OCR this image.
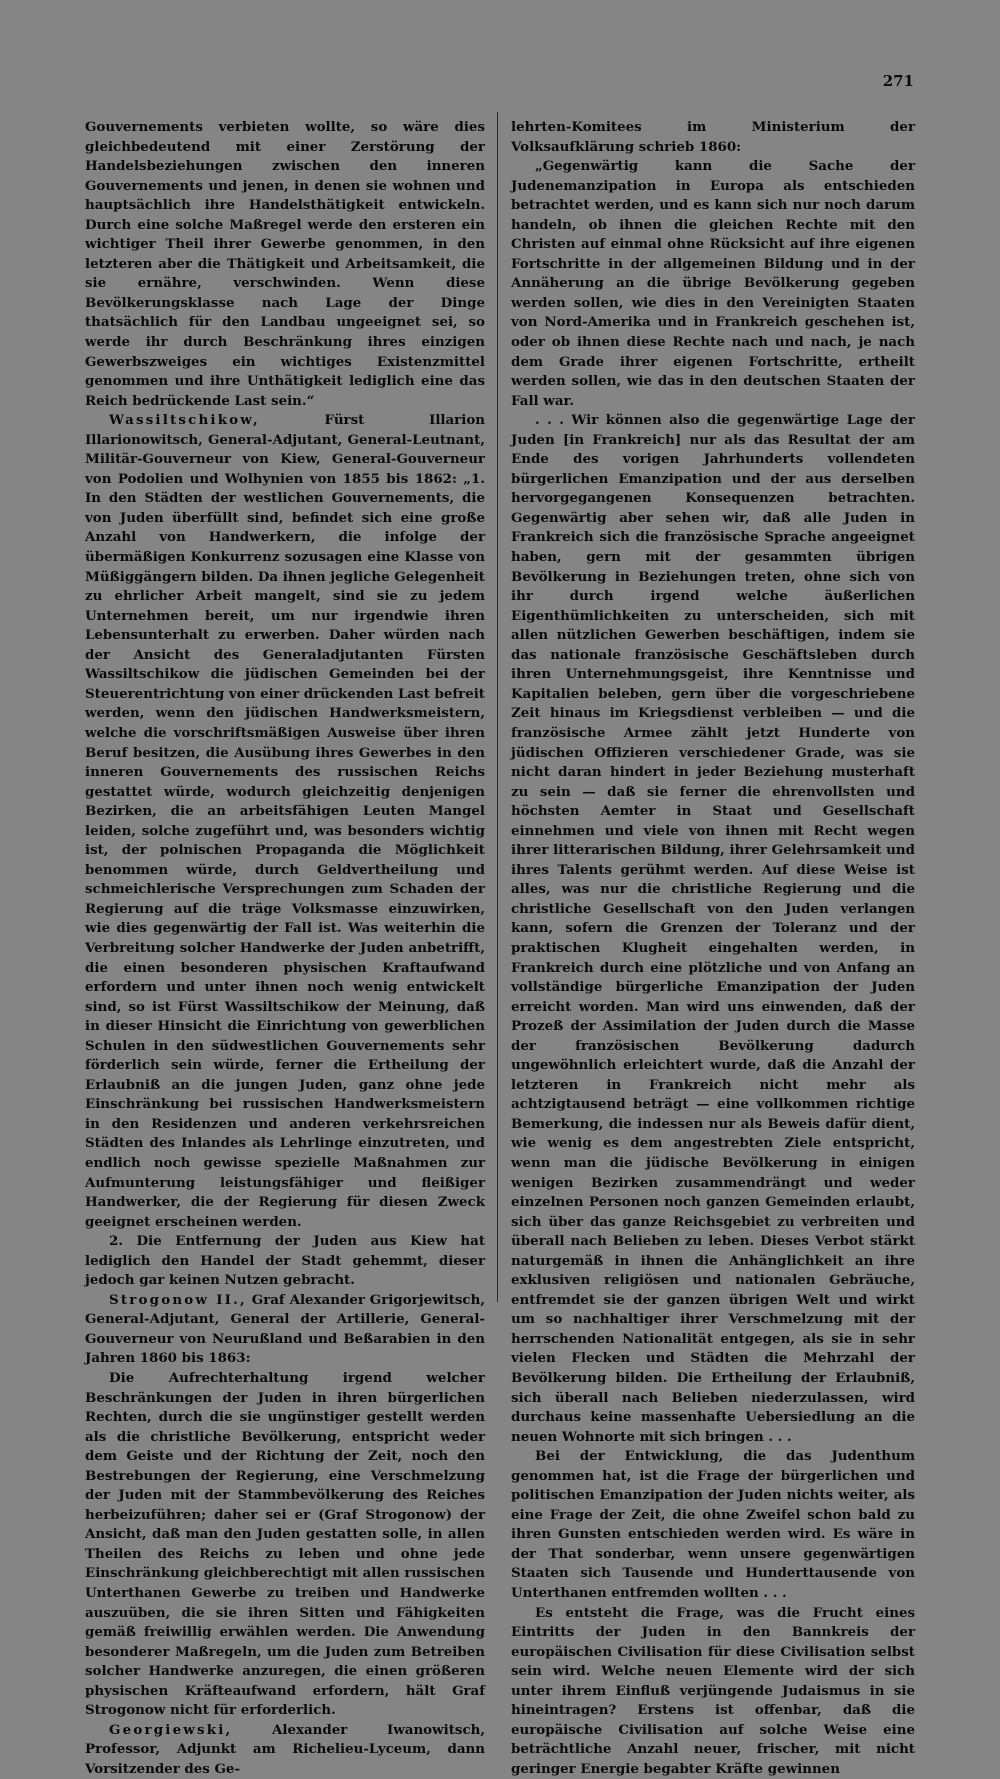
271

Gouvernements verbieten wollte, so wäre dies gleichbedeutend mit einer Zerstörung der Handelsbeziehungen zwischen den inneren Gouvernements und jenen, in denen sie wohnen und hauptsächlich ihre Handelsthätigkeit entwickeln. Durch eine solche Maßregel werde den ersteren ein wichtiger Theil ihrer Gewerbe genommen, in den letzteren aber die Thätigkeit und Arbeitsamkeit, die sie ernähre, verschwinden. Wenn diese Bevölkerungsklasse nach Lage der Dinge thatsächlich für den Landbau ungeeignet sei, so werde ihr durch Beschränkung ihres einzigen Gewerbszweiges ein wichtiges Existenzmittel genommen und ihre Unthätigkeit lediglich eine das Reich bedrückende Last sein.“

Wassiltschikow,	Fürst Illarion Illarionowitsch, General-Adjutant, General-Leutnant, Militär-Gouverneur von Kiew, General-Gouverneur von Podolien und Wolhynien von 1855 bis 1862: „1. In den Städten der westlichen Gouvernements, die von Juden überfüllt sind, befindet sich eine große Anzahl von Handwerkern, die infolge der übermäßigen Konkurrenz sozusagen eine Klasse von Müßiggängern bilden. Da ihnen jegliche Gelegenheit zu ehrlicher Arbeit mangelt, sind sie zu jedem Unternehmen bereit, um nur irgendwie ihren Lebensunterhalt zu erwerben. Daher würden nach der Ansicht des Generaladjutanten Fürsten Wassiltschikow die jüdischen Gemeinden bei der Steuerentrichtung von einer drückenden Last befreit werden, wenn den jüdischen Handwerksmeistern, welche die vorschriftsmäßigen Ausweise über ihren Beruf besitzen, die Ausübung ihres Gewerbes in den inneren Gouvernements des russischen Reichs gestattet würde, wodurch gleichzeitig denjenigen Bezirken, die an arbeitsfähigen Leuten Mangel leiden, solche zugeführt und, was besonders wichtig ist, der polnischen Propaganda die Möglichkeit benommen würde, durch Geldvertheilung und schmeichlerische Versprechungen zum Schaden der Regierung auf die träge Volksmasse einzuwirken, wie dies gegenwärtig der Fall ist. Was weiterhin die Verbreitung solcher Handwerke der Juden anbetrifft, die einen besonderen physischen Kraftaufwand erfordern und unter ihnen noch wenig entwickelt sind, so ist Fürst Wassiltschikow der Meinung, daß in dieser Hinsicht die Einrichtung von gewerblichen Schulen in den südwestlichen Gouvernements sehr förderlich sein würde, ferner die Ertheilung der Erlaubniß an die jungen Juden, ganz ohne jede Einschränkung bei russischen Handwerksmeistern in den Residenzen und anderen verkehrsreichen Städten des Inlandes als Lehrlinge einzutreten, und endlich noch gewisse spezielle Maßnahmen zur Aufmunterung leistungsfähiger und fleißiger Handwerker, die der Regierung für diesen Zweck geeignet erscheinen werden.

2. Die Entfernung der Juden aus Kiew hat lediglich den Handel der Stadt gehemmt, dieser jedoch gar keinen Nutzen gebracht.

Strogonow II., Graf Alexander Grigorjewitsch, General-Adjutant, General der Artillerie, General-Gouverneur von Neurußland und Beßarabien in den Jahren 1860 bis 1863:

Die Aufrechterhaltung irgend welcher Beschränkungen der Juden in ihren bürgerlichen Rechten, durch die sie ungünstiger gestellt werden als die christliche Bevölkerung, entspricht weder dem Geiste und der Richtung der Zeit, noch den Bestrebungen der Regierung, eine Verschmelzung der Juden mit der Stammbevölkerung des Reiches herbeizuführen; daher sei er (Graf Strogonow) der Ansicht, daß man den Juden gestatten solle, in allen Theilen des Reichs zu leben und ohne jede Einschränkung gleichberechtigt mit allen russischen Unterthanen Gewerbe zu treiben und Handwerke auszuüben, die sie ihren Sitten und Fähigkeiten gemäß freiwillig erwählen werden. Die Anwendung besonderer Maßregeln, um die Juden zum Betreiben solcher Handwerke anzuregen, die einen größeren physischen Kräfteaufwand erfordern, hält Graf Strogonow nicht für erforderlich.

Georgiewski,	Alexander Iwanowitsch, Professor, Adjunkt am Richelieu-Lyceum, dann Vorsitzender des Ge-

lehrten-Komitees im Ministerium der Volksaufklärung schrieb 1860:

„Gegenwärtig kann die Sache der Judenemanzipation in Europa als entschieden betrachtet werden, und es kann sich nur noch darum handeln, ob ihnen die gleichen Rechte mit den Christen auf einmal ohne Rücksicht auf ihre eigenen Fortschritte in der allgemeinen Bildung und in der Annäherung an die übrige Bevölkerung gegeben werden sollen, wie dies in den Vereinigten Staaten von Nord-Amerika und in Frankreich geschehen ist, oder ob ihnen diese Rechte nach und nach, je nach dem Grade ihrer eigenen Fortschritte, ertheilt werden sollen, wie das in den deutschen Staaten der Fall war.

. . . Wir können also die gegenwärtige Lage der Juden [in Frankreich] nur als das Resultat der am Ende des vorigen Jahrhunderts vollendeten bürgerlichen Emanzipation und der aus derselben hervorgegangenen Konsequenzen betrachten. Gegenwärtig aber sehen wir, daß alle Juden in Frankreich sich die französische Sprache angeeignet haben, gern mit der gesammten übrigen Bevölkerung in Beziehungen treten, ohne sich von ihr durch irgend welche äußerlichen Eigenthümlichkeiten zu unterscheiden, sich mit allen nützlichen Gewerben beschäftigen, indem sie das nationale französische Geschäftsleben durch ihren Unternehmungsgeist, ihre Kenntnisse und Kapitalien beleben, gern über die vorgeschriebene Zeit hinaus im Kriegsdienst verbleiben — und die französische Armee zählt jetzt Hunderte von jüdischen Offizieren verschiedener Grade, was sie nicht daran hindert in jeder Beziehung musterhaft zu sein — daß sie ferner die ehrenvollsten und höchsten Aemter in Staat und Gesellschaft einnehmen und viele von ihnen mit Recht wegen ihrer litterarischen Bildung, ihrer Gelehrsamkeit und ihres Talents gerühmt werden. Auf diese Weise ist alles, was nur die christliche Regierung und die christliche Gesellschaft von den Juden verlangen kann, sofern die Grenzen der Toleranz und der praktischen Klugheit eingehalten werden, in Frankreich durch eine plötzliche und von Anfang an vollständige bürgerliche Emanzipation der Juden erreicht worden. Man wird uns einwenden, daß der Prozeß der Assimilation der Juden durch die Masse der französischen Bevölkerung dadurch ungewöhnlich erleichtert wurde, daß die Anzahl der letzteren in Frankreich nicht mehr als achtzigtausend beträgt — eine vollkommen richtige Bemerkung, die indessen nur als Beweis dafür dient, wie wenig es dem angestrebten Ziele entspricht, wenn man die jüdische Bevölkerung in einigen wenigen Bezirken zusammendrängt und weder einzelnen Personen noch ganzen Gemeinden erlaubt, sich über das ganze Reichsgebiet zu verbreiten und überall nach Belieben zu leben. Dieses Verbot stärkt naturgemäß in ihnen die Anhänglichkeit an ihre exklusiven religiösen und nationalen Gebräuche, entfremdet sie der ganzen übrigen Welt und wirkt um so nachhaltiger ihrer Verschmelzung mit der herrschenden Nationalität entgegen, als sie in sehr vielen Flecken und Städten die Mehrzahl der Bevölkerung bilden. Die Ertheilung der Erlaubniß, sich überall nach Belieben niederzulassen, wird durchaus keine massenhafte Uebersiedlung an die neuen Wohnorte mit sich bringen . . .

Bei der Entwicklung, die das Judenthum genommen hat, ist die Frage der bürgerlichen und politischen Emanzipation der Juden nichts weiter, als eine Frage der Zeit, die ohne Zweifel schon bald zu ihren Gunsten entschieden werden wird. Es wäre in der That sonderbar, wenn unsere gegenwärtigen Staaten sich Tausende und Hunderttausende von Unterthanen entfremden wollten . . .

Es entsteht die Frage, was die Frucht eines Eintritts der Juden in den Bannkreis der europäischen Civilisation für diese Civilisation selbst sein wird. Welche neuen Elemente wird der sich unter ihrem Einfluß verjüngende Judaismus in sie hineintragen? Erstens ist offenbar, daß die europäische Civilisation auf solche Weise eine beträchtliche Anzahl neuer, frischer, mit nicht geringer Energie begabter Kräfte gewinnen
